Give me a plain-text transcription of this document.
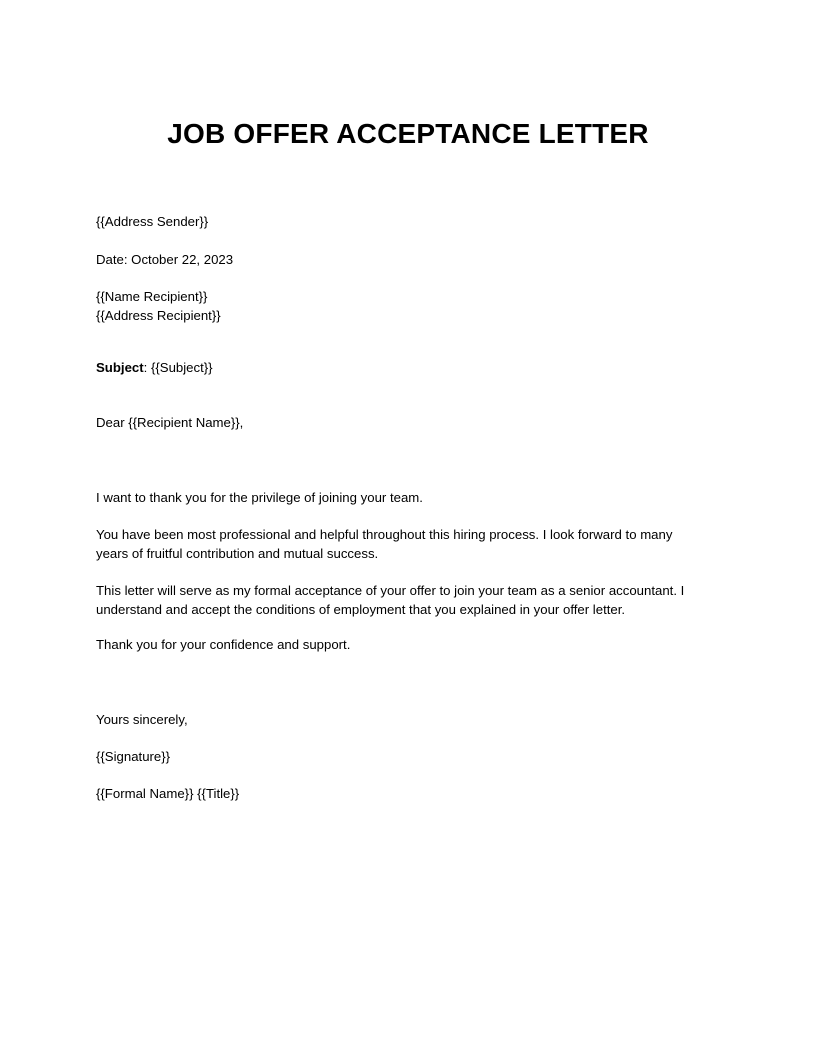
JOB OFFER ACCEPTANCE LETTER

{{Address Sender}}

Date: October 22, 2023

{{Name Recipient}}

{{Address Recipient}}

Subject: {{Subject}}

Dear {{Recipient Name}},

I want to thank you for the privilege of joining your team.

You have been most professional and helpful throughout this hiring process. I look forward to many years of fruitful contribution and mutual success.

This letter will serve as my formal acceptance of your offer to join your team as a senior accountant. I understand and accept the conditions of employment that you explained in your offer letter.

Thank you for your confidence and support.

Yours sincerely,

{{Signature}}

{{Formal Name}} {{Title}}
